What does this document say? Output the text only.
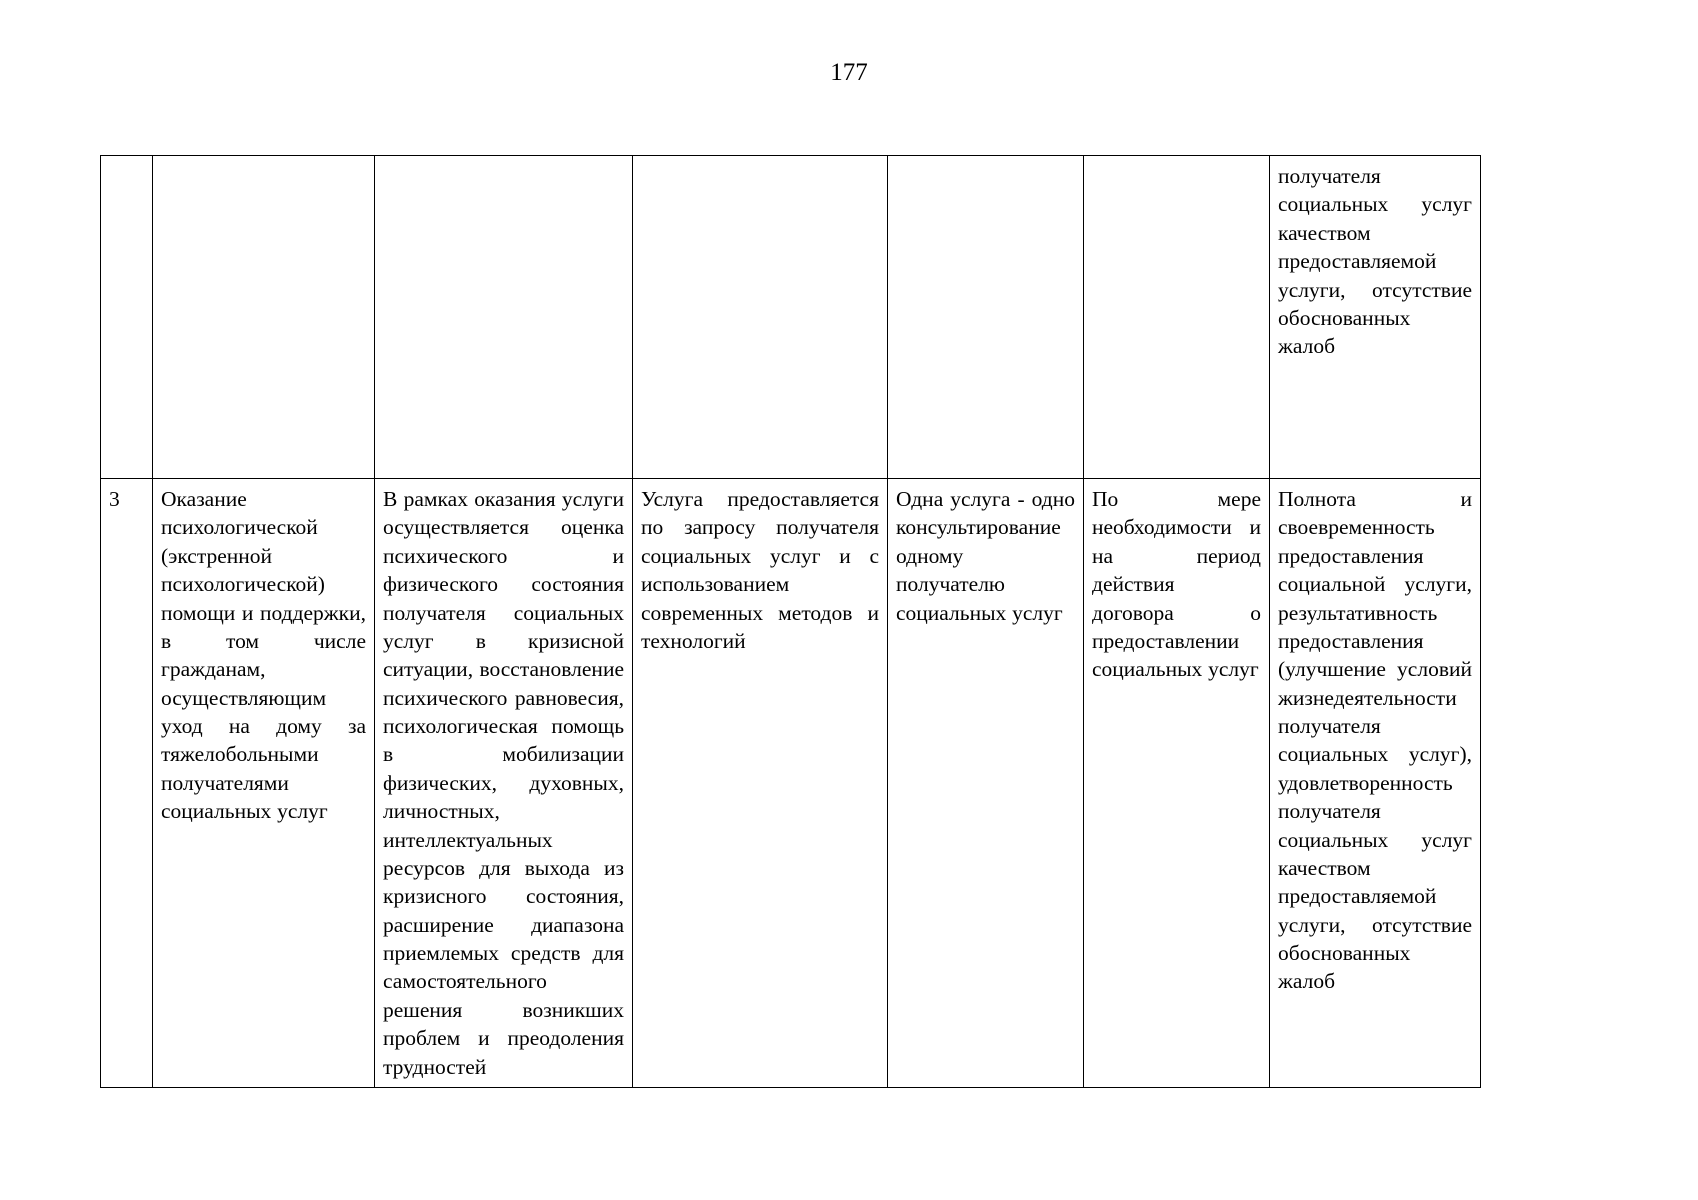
177
						получателя социальных услуг качеством предоставляемой услуги, отсутствие обоснованных жалоб
3	Оказание психологической (экстренной психологической) помощи и поддержки, в том числе гражданам, осуществляющим уход на дому за тяжелобольными получателями социальных услуг	В рамках оказания услуги осуществляется оценка психического и физического состояния получателя социальных услуг в кризисной ситуации, восстановление психического равновесия, психологическая помощь в мобилизации физических, духовных, личностных, интеллектуальных ресурсов для выхода из кризисного состояния, расширение диапазона приемлемых средств для самостоятельного решения возникших проблем и преодоления трудностей	Услуга предоставляется по запросу получателя социальных услуг и с использованием современных методов и технологий	Одна услуга - одно консультирование одному получателю социальных услуг	По мере необходимости и на период действия договора о предоставлении социальных услуг	Полнота и своевременность предоставления социальной услуги, результативность предоставления (улучшение условий жизнедеятельности получателя социальных услуг), удовлетворенность получателя социальных услуг качеством предоставляемой услуги, отсутствие обоснованных жалоб
